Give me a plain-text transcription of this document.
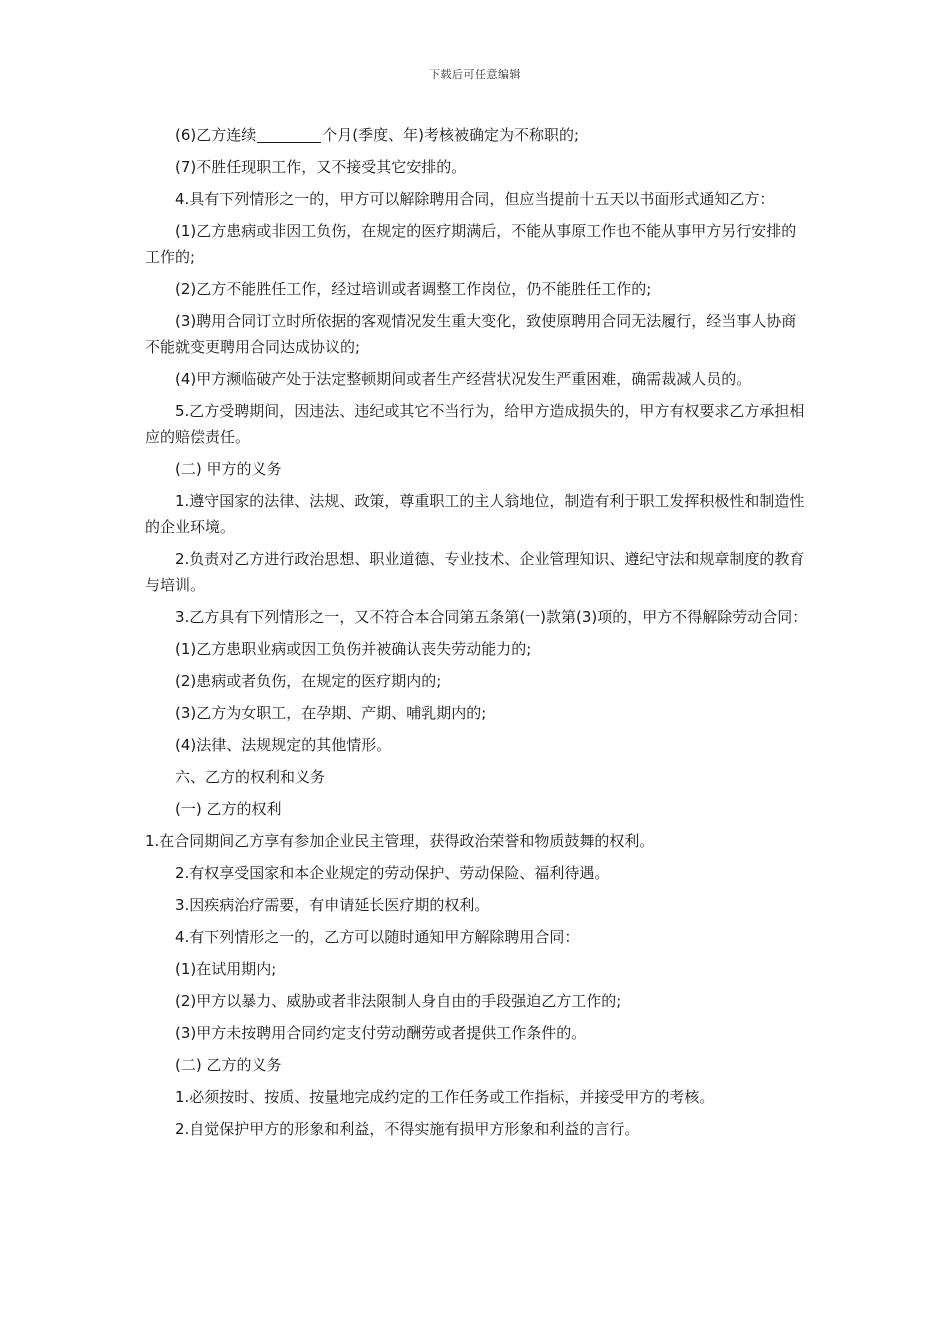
下载后可任意编辑

(6)乙方连续	个月(季度、年)考核被确定为不称职的;

(7)不胜任现职工作，又不接受其它安排的。

4.具有下列情形之一的，甲方可以解除聘用合同，但应当提前十五天以书面形式通知乙方：

(1)乙方患病或非因工负伤，在规定的医疗期满后，不能从事原工作也不能从事甲方另行安排的工作的;

(2)乙方不能胜任工作，经过培训或者调整工作岗位，仍不能胜任工作的;

(3)聘用合同订立时所依据的客观情况发生重大变化，致使原聘用合同无法履行，经当事人协商不能就变更聘用合同达成协议的;

(4)甲方濒临破产处于法定整顿期间或者生产经营状况发生严重困难，确需裁减人员的。

5.乙方受聘期间，因违法、违纪或其它不当行为，给甲方造成损失的，甲方有权要求乙方承担相应的赔偿责任。

(二) 甲方的义务

1.遵守国家的法律、法规、政策，尊重职工的主人翁地位，制造有利于职工发挥积极性和制造性的企业环境。

2.负责对乙方进行政治思想、职业道德、专业技术、企业管理知识、遵纪守法和规章制度的教育与培训。

3.乙方具有下列情形之一，又不符合本合同第五条第(一)款第(3)项的，甲方不得解除劳动合同：

(1)乙方患职业病或因工负伤并被确认丧失劳动能力的;

(2)患病或者负伤，在规定的医疗期内的;

(3)乙方为女职工，在孕期、产期、哺乳期内的;

(4)法律、法规规定的其他情形。

六、乙方的权利和义务

(一) 乙方的权利

1.在合同期间乙方享有参加企业民主管理，获得政治荣誉和物质鼓舞的权利。

2.有权享受国家和本企业规定的劳动保护、劳动保险、福利待遇。

3.因疾病治疗需要，有申请延长医疗期的权利。

4.有下列情形之一的，乙方可以随时通知甲方解除聘用合同：

(1)在试用期内;

(2)甲方以暴力、威胁或者非法限制人身自由的手段强迫乙方工作的;

(3)甲方未按聘用合同约定支付劳动酬劳或者提供工作条件的。

(二) 乙方的义务

1.必须按时、按质、按量地完成约定的工作任务或工作指标，并接受甲方的考核。

2.自觉保护甲方的形象和利益，不得实施有损甲方形象和利益的言行。
